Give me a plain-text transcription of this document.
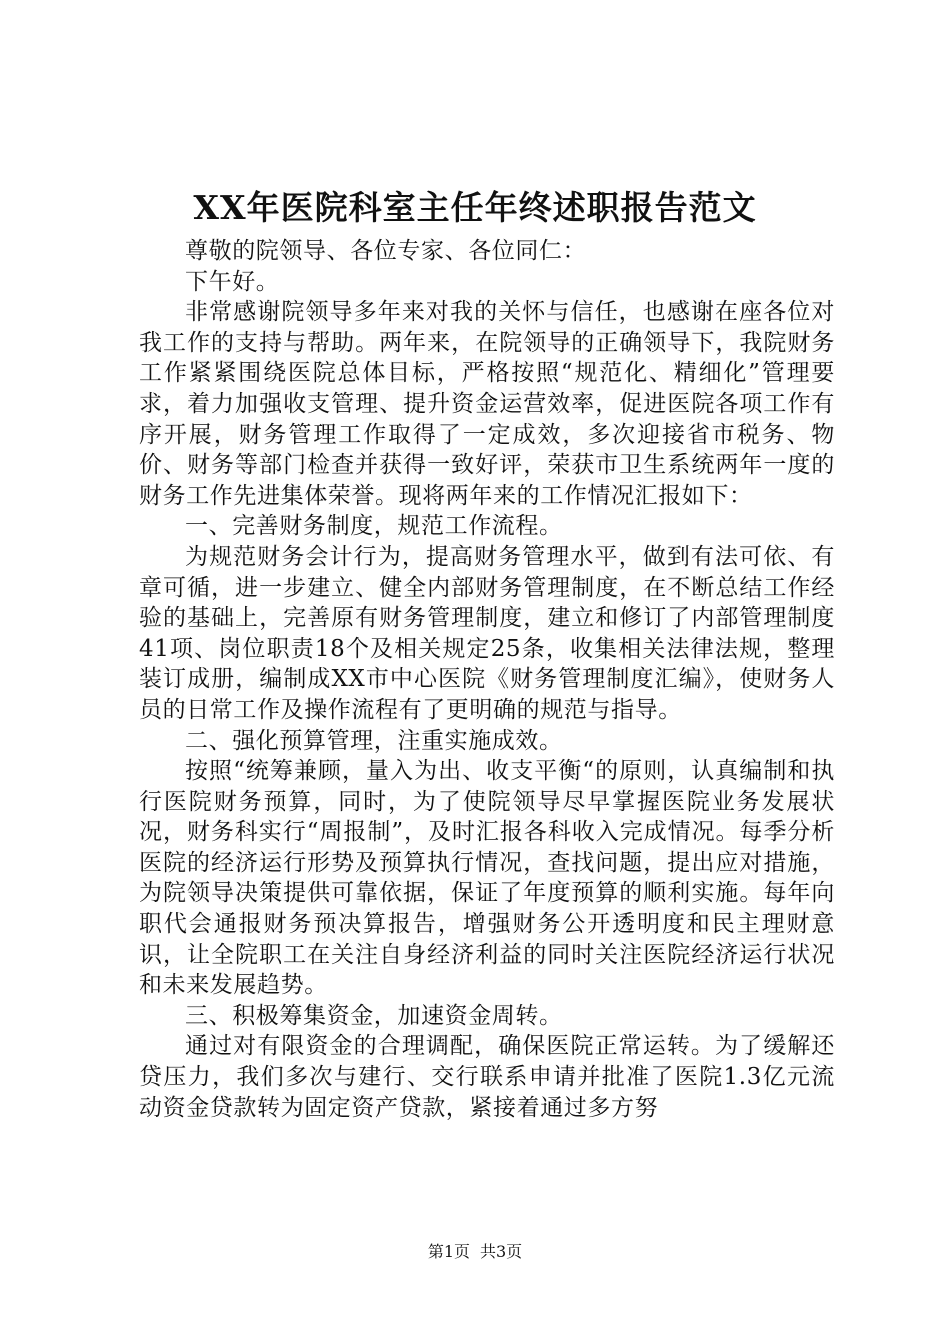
XX年医院科室主任年终述职报告范文

尊敬的院领导、各位专家、各位同仁：

下午好。

非常感谢院领导多年来对我的关怀与信任，也感谢在座各位对我工作的支持与帮助。两年来，在院领导的正确领导下，我院财务工作紧紧围绕医院总体目标，严格按照“规范化、精细化”管理要求，着力加强收支管理、提升资金运营效率，促进医院各项工作有序开展，财务管理工作取得了一定成效，多次迎接省市税务、物价、财务等部门检查并获得一致好评，荣获市卫生系统两年一度的财务工作先进集体荣誉。现将两年来的工作情况汇报如下：

一、完善财务制度，规范工作流程。

为规范财务会计行为，提高财务管理水平，做到有法可依、有章可循，进一步建立、健全内部财务管理制度，在不断总结工作经验的基础上，完善原有财务管理制度，建立和修订了内部管理制度41项、岗位职责18个及相关规定25条，收集相关法律法规，整理装订成册，编制成XX市中心医院《财务管理制度汇编》，使财务人员的日常工作及操作流程有了更明确的规范与指导。

二、强化预算管理，注重实施成效。

按照“统筹兼顾，量入为出、收支平衡“的原则，认真编制和执行医院财务预算，同时，为了使院领导尽早掌握医院业务发展状况，财务科实行“周报制”，及时汇报各科收入完成情况。每季分析医院的经济运行形势及预算执行情况，查找问题，提出应对措施，为院领导决策提供可靠依据，保证了年度预算的顺利实施。每年向职代会通报财务预决算报告，增强财务公开透明度和民主理财意识，让全院职工在关注自身经济利益的同时关注医院经济运行状况和未来发展趋势。

三、积极筹集资金，加速资金周转。

通过对有限资金的合理调配，确保医院正常运转。为了缓解还贷压力，我们多次与建行、交行联系申请并批准了医院1.3亿元流动资金贷款转为固定资产贷款，紧接着通过多方努

第1页 共3页
